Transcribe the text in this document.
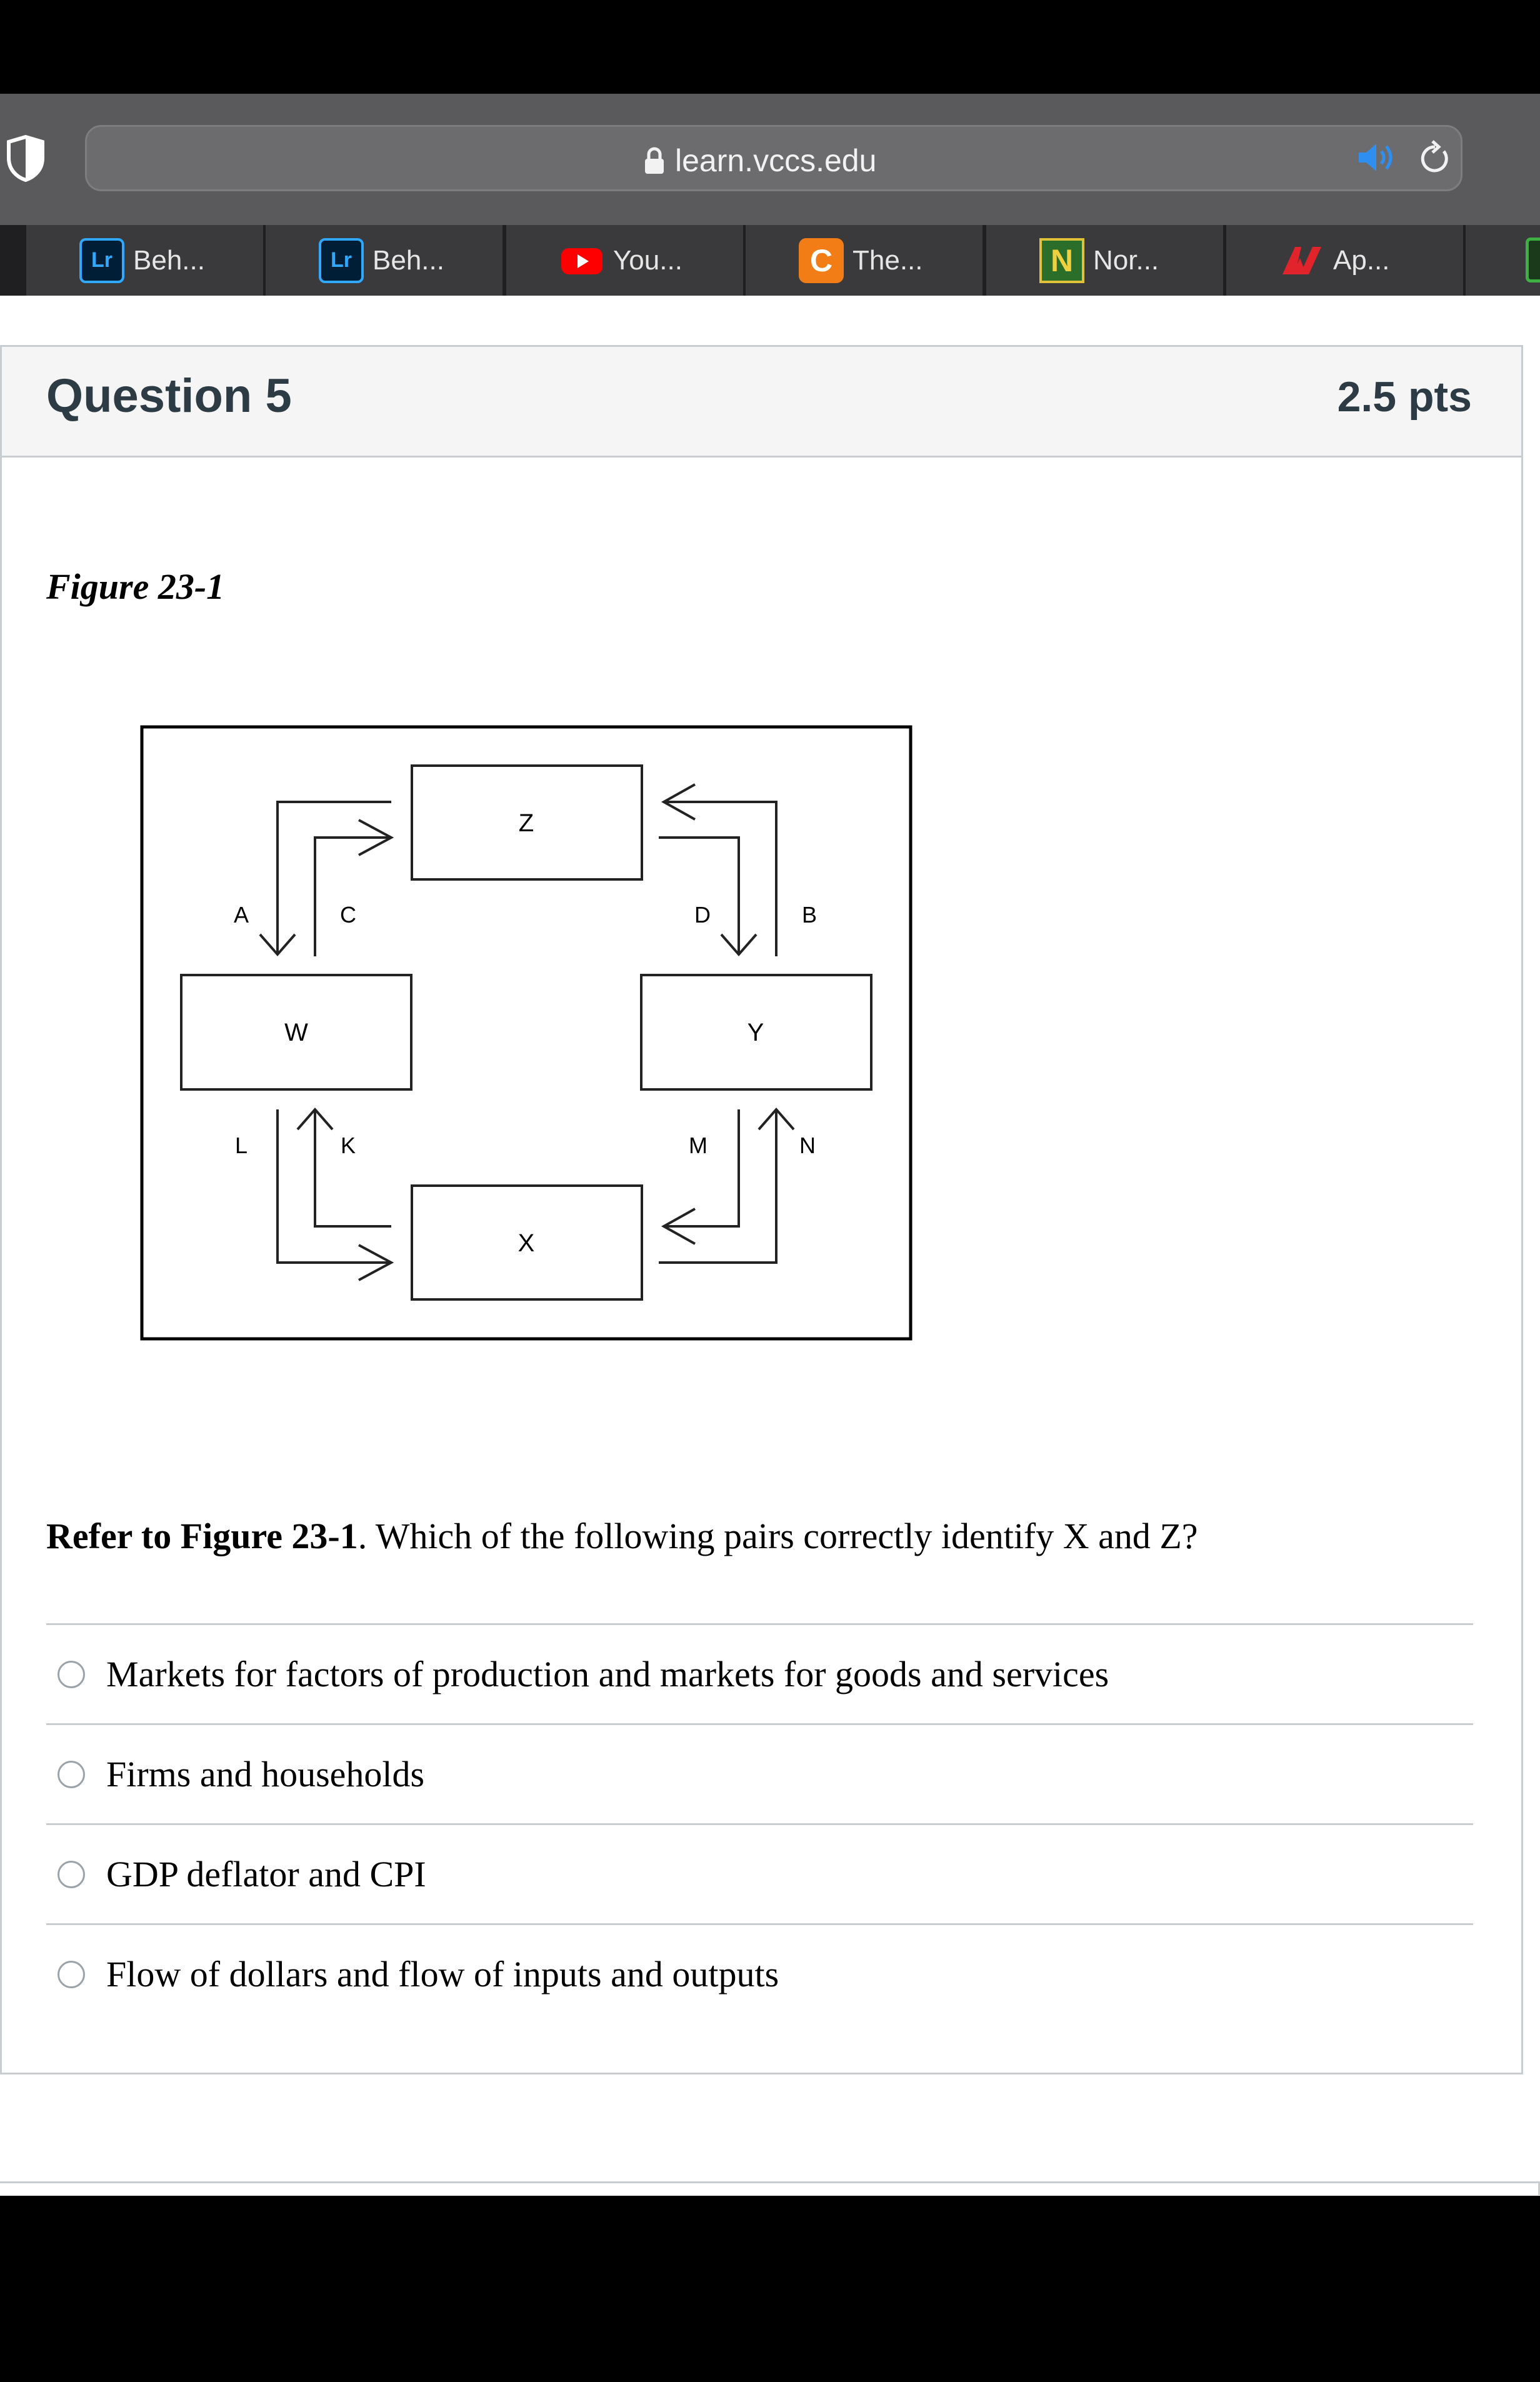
learn.vccs.edu
Lr Beh...	Lr Beh...	You...	C The...	N Nor...	Ap...
Question 5	2.5 pts
Figure 23-1
Z
W	Y
X
A	C	D	B
L	K	M	N
Refer to Figure 23-1. Which of the following pairs correctly identify X and Z?
Markets for factors of production and markets for goods and services
Firms and households
GDP deflator and CPI
Flow of dollars and flow of inputs and outputs
